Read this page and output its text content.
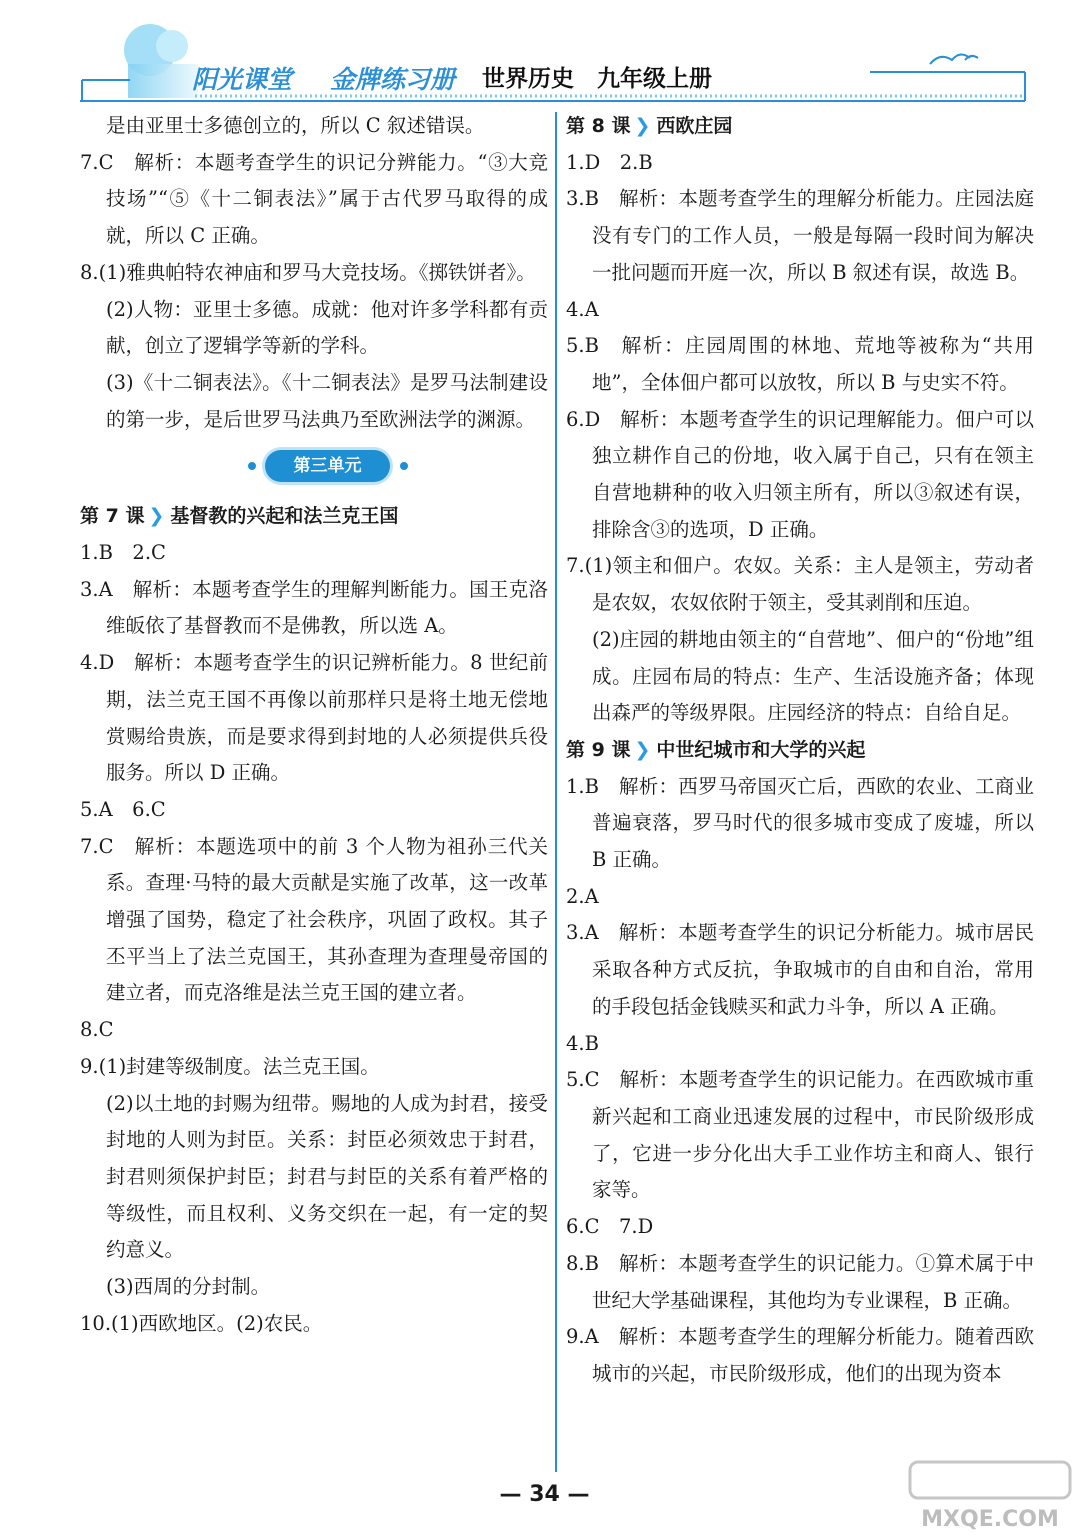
阳光课堂 金牌练习册 世界历史 九年级上册

是由亚里士多德创立的，所以 C 叙述错误。

7.C　解析：本题考查学生的识记分辨能力。“③大竞技场”“⑤《十二铜表法》”属于古代罗马取得的成就，所以 C 正确。

8.(1)雅典帕特农神庙和罗马大竞技场。《掷铁饼者》。

(2)人物：亚里士多德。成就：他对许多学科都有贡献，创立了逻辑学等新的学科。

(3)《十二铜表法》。《十二铜表法》是罗马法制建设的第一步，是后世罗马法典乃至欧洲法学的渊源。

第三单元

第 7 课 ❯ 基督教的兴起和法兰克王国

1.B　2.C

3.A　解析：本题考查学生的理解判断能力。国王克洛维皈依了基督教而不是佛教，所以选 A。

4.D　解析：本题考查学生的识记辨析能力。8 世纪前期，法兰克王国不再像以前那样只是将土地无偿地赏赐给贵族，而是要求得到封地的人必须提供兵役服务。所以 D 正确。

5.A　6.C

7.C　解析：本题选项中的前 3 个人物为祖孙三代关系。查理·马特的最大贡献是实施了改革，这一改革增强了国势，稳定了社会秩序，巩固了政权。其子丕平当上了法兰克国王，其孙查理为查理曼帝国的建立者，而克洛维是法兰克王国的建立者。

8.C

9.(1)封建等级制度。法兰克王国。

(2)以土地的封赐为纽带。赐地的人成为封君，接受封地的人则为封臣。关系：封臣必须效忠于封君，封君则须保护封臣；封君与封臣的关系有着严格的等级性，而且权利、义务交织在一起，有一定的契约意义。

(3)西周的分封制。

10.(1)西欧地区。(2)农民。

第 8 课 ❯ 西欧庄园

1.D　2.B

3.B　解析：本题考查学生的理解分析能力。庄园法庭没有专门的工作人员，一般是每隔一段时间为解决一批问题而开庭一次，所以 B 叙述有误，故选 B。

4.A

5.B　解析：庄园周围的林地、荒地等被称为“共用地”，全体佃户都可以放牧，所以 B 与史实不符。

6.D　解析：本题考查学生的识记理解能力。佃户可以独立耕作自己的份地，收入属于自己，只有在领主自营地耕种的收入归领主所有，所以③叙述有误，排除含③的选项，D 正确。

7.(1)领主和佃户。农奴。关系：主人是领主，劳动者是农奴，农奴依附于领主，受其剥削和压迫。

(2)庄园的耕地由领主的“自营地”、佃户的“份地”组成。庄园布局的特点：生产、生活设施齐备；体现出森严的等级界限。庄园经济的特点：自给自足。

第 9 课 ❯ 中世纪城市和大学的兴起

1.B　解析：西罗马帝国灭亡后，西欧的农业、工商业普遍衰落，罗马时代的很多城市变成了废墟，所以 B 正确。

2.A

3.A　解析：本题考查学生的识记分析能力。城市居民采取各种方式反抗，争取城市的自由和自治，常用的手段包括金钱赎买和武力斗争，所以 A 正确。

4.B

5.C　解析：本题考查学生的识记能力。在西欧城市重新兴起和工商业迅速发展的过程中，市民阶级形成了，它进一步分化出大手工业作坊主和商人、银行家等。

6.C　7.D

8.B　解析：本题考查学生的识记能力。①算术属于中世纪大学基础课程，其他均为专业课程，B 正确。

9.A　解析：本题考查学生的理解分析能力。随着西欧城市的兴起，市民阶级形成，他们的出现为资本

— 34 —
MXQE.COM
